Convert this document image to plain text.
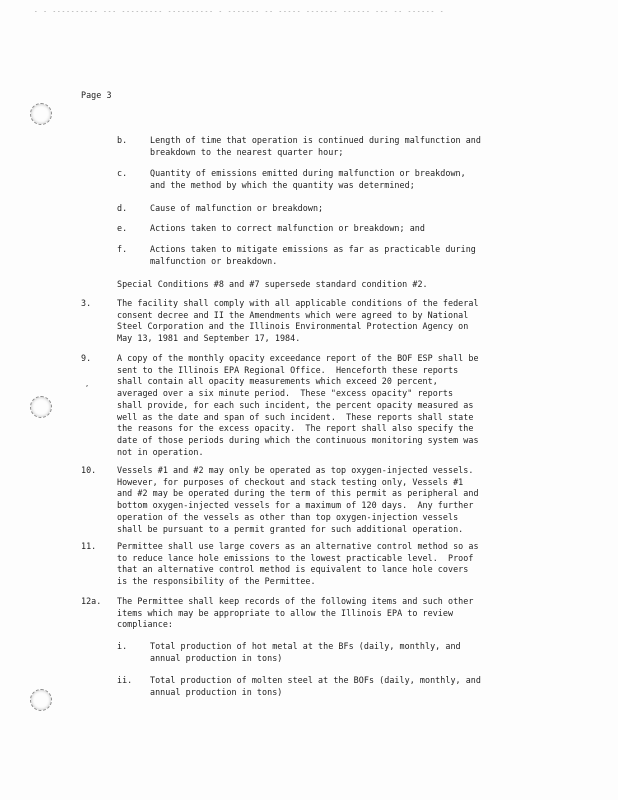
- - ---------- --- --------- ---------- - ------- -- ----- ------- ------ --- -- ------ -
,
Page 3
b.	Length of time that operation is continued during malfunction and
breakdown to the nearest quarter hour;
c.	Quantity of emissions emitted during malfunction or breakdown,
and the method by which the quantity was determined;
d.	Cause of malfunction or breakdown;
e.	Actions taken to correct malfunction or breakdown; and
f.	Actions taken to mitigate emissions as far as practicable during
malfunction or breakdown.
Special Conditions #8 and #7 supersede standard condition #2.
3.	The facility shall comply with all applicable conditions of the federal
consent decree and II the Amendments which were agreed to by National
Steel Corporation and the Illinois Environmental Protection Agency on
May 13, 1981 and September 17, 1984.
9.	A copy of the monthly opacity exceedance report of the BOF ESP shall be
sent to the Illinois EPA Regional Office.  Henceforth these reports
shall contain all opacity measurements which exceed 20 percent,
averaged over a six minute period.  These "excess opacity" reports
shall provide, for each such incident, the percent opacity measured as
well as the date and span of such incident.  These reports shall state
the reasons for the excess opacity.  The report shall also specify the
date of those periods during which the continuous monitoring system was
not in operation.
10. Vessels #1 and #2 may only be operated as top oxygen-injected vessels.
However, for purposes of checkout and stack testing only, Vessels #1
and #2 may be operated during the term of this permit as peripheral and
bottom oxygen-injected vessels for a maximum of 120 days.  Any further
operation of the vessels as other than top oxygen-injection vessels
shall be pursuant to a permit granted for such additional operation.
11. Permittee shall use large covers as an alternative control method so as
to reduce lance hole emissions to the lowest practicable level.  Proof
that an alternative control method is equivalent to lance hole covers
is the responsibility of the Permittee.
12a. The Permittee shall keep records of the following items and such other
items which may be appropriate to allow the Illinois EPA to review
compliance:
i.	Total production of hot metal at the BFs (daily, monthly, and
annual production in tons)
ii. Total production of molten steel at the BOFs (daily, monthly, and
annual production in tons)
